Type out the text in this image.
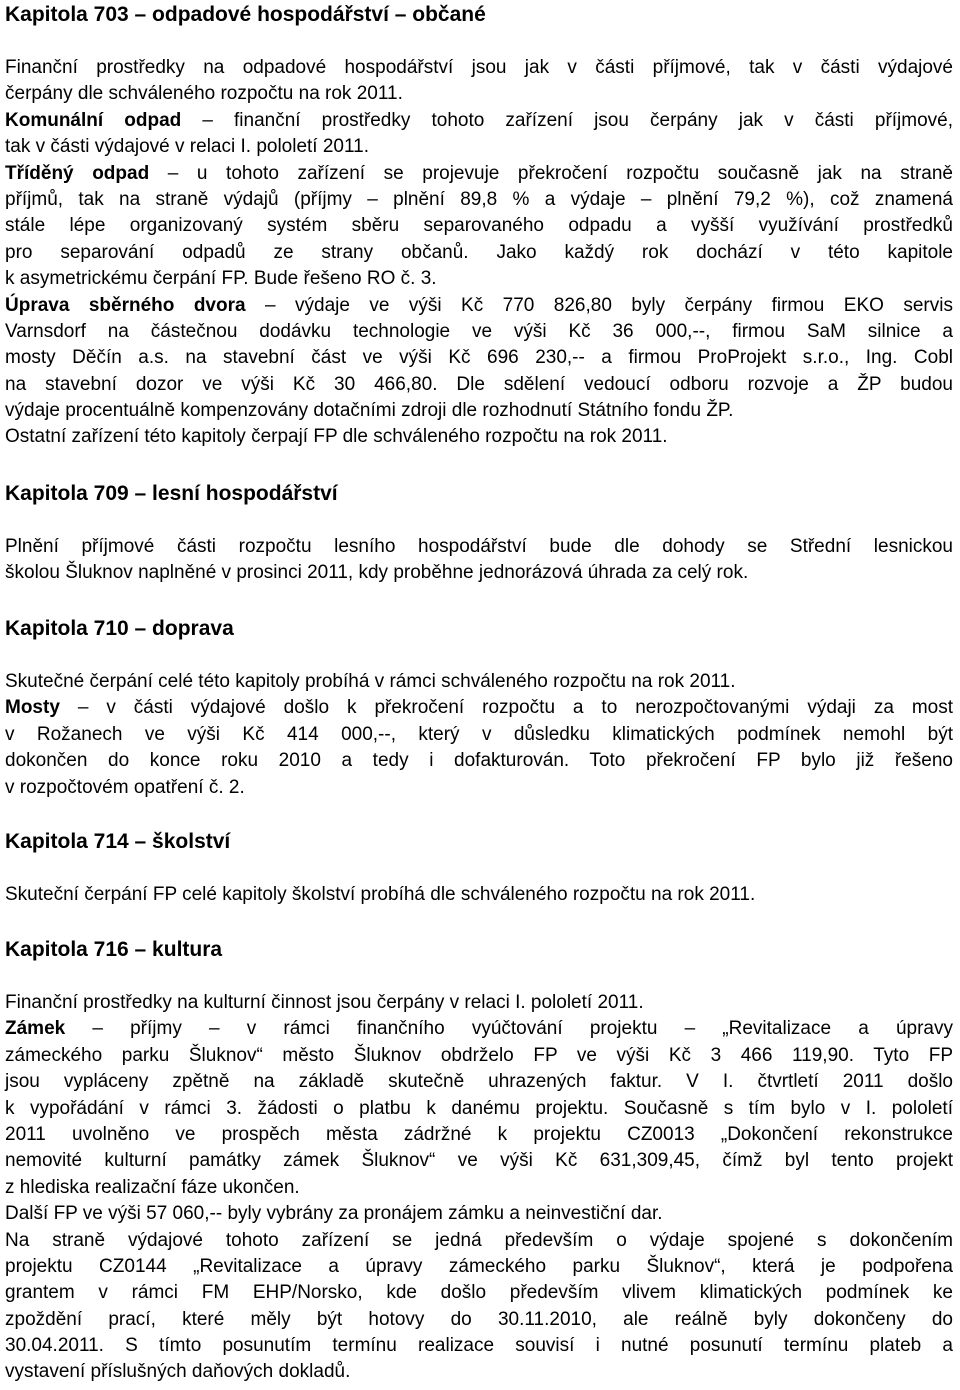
Kapitola 703 – odpadové hospodářství – občané
Finanční prostředky na odpadové hospodářství jsou jak v části příjmové, tak v části výdajové
čerpány dle schváleného rozpočtu na rok 2011.
Komunální odpad – finanční prostředky tohoto zařízení jsou čerpány jak v části příjmové,
tak v části výdajové v relaci I. pololetí 2011.
Tříděný odpad – u tohoto zařízení se projevuje překročení rozpočtu současně jak na straně
příjmů, tak na straně výdajů (příjmy – plnění 89,8 % a výdaje – plnění 79,2 %), což znamená
stále lépe organizovaný systém sběru separovaného odpadu a vyšší využívání prostředků
pro separování odpadů ze strany občanů. Jako každý rok dochází v této kapitole
k asymetrickému čerpání FP. Bude řešeno RO č. 3.
Úprava sběrného dvora – výdaje ve výši Kč 770 826,80 byly čerpány firmou EKO servis
Varnsdorf na částečnou dodávku technologie ve výši Kč 36 000,--, firmou SaM silnice a
mosty Děčín a.s. na stavební část ve výši Kč 696 230,-- a firmou ProProjekt s.r.o., Ing. Cobl
na stavební dozor ve výši Kč 30 466,80. Dle sdělení vedoucí odboru rozvoje a ŽP budou
výdaje procentuálně kompenzovány dotačními zdroji dle rozhodnutí Státního fondu ŽP.
Ostatní zařízení této kapitoly čerpají FP dle schváleného rozpočtu na rok 2011.
Kapitola 709 – lesní hospodářství
Plnění příjmové části rozpočtu lesního hospodářství bude dle dohody se Střední lesnickou
školou Šluknov naplněné v prosinci 2011, kdy proběhne jednorázová úhrada za celý rok.
Kapitola 710 – doprava
Skutečné čerpání celé této kapitoly probíhá v rámci schváleného rozpočtu na rok 2011.
Mosty – v části výdajové došlo k překročení rozpočtu a to nerozpočtovanými výdaji za most
v Rožanech ve výši Kč 414 000,--, který v důsledku klimatických podmínek nemohl být
dokončen do konce roku 2010 a tedy i dofakturován. Toto překročení FP bylo již řešeno
v rozpočtovém opatření č. 2.
Kapitola 714 – školství
Skuteční čerpání FP celé kapitoly školství probíhá dle schváleného rozpočtu na rok 2011.
Kapitola 716 – kultura
Finanční prostředky na kulturní činnost jsou čerpány v relaci I. pololetí 2011.
Zámek – příjmy – v rámci finančního vyúčtování projektu – „Revitalizace a úpravy
zámeckého parku Šluknov“ město Šluknov obdrželo FP ve výši Kč 3 466 119,90. Tyto FP
jsou vypláceny zpětně na základě skutečně uhrazených faktur. V I. čtvrtletí 2011 došlo
k vypořádání v rámci 3. žádosti o platbu k danému projektu. Současně s tím bylo v I. pololetí
2011 uvolněno ve prospěch města zádržné k projektu CZ0013 „Dokončení rekonstrukce
nemovité kulturní památky zámek Šluknov“ ve výši Kč 631,309,45, čímž byl tento projekt
z hlediska realizační fáze ukončen.
Další FP ve výši 57 060,-- byly vybrány za pronájem zámku a neinvestiční dar.
Na straně výdajové tohoto zařízení se jedná především o výdaje spojené s dokončením
projektu CZ0144 „Revitalizace a úpravy zámeckého parku Šluknov“, která je podpořena
grantem v rámci FM EHP/Norsko, kde došlo především vlivem klimatických podmínek ke
zpoždění prací, které měly být hotovy do 30.11.2010, ale reálně byly dokončeny do
30.04.2011. S tímto posunutím termínu realizace souvisí i nutné posunutí termínu plateb a
vystavení příslušných daňových dokladů.
